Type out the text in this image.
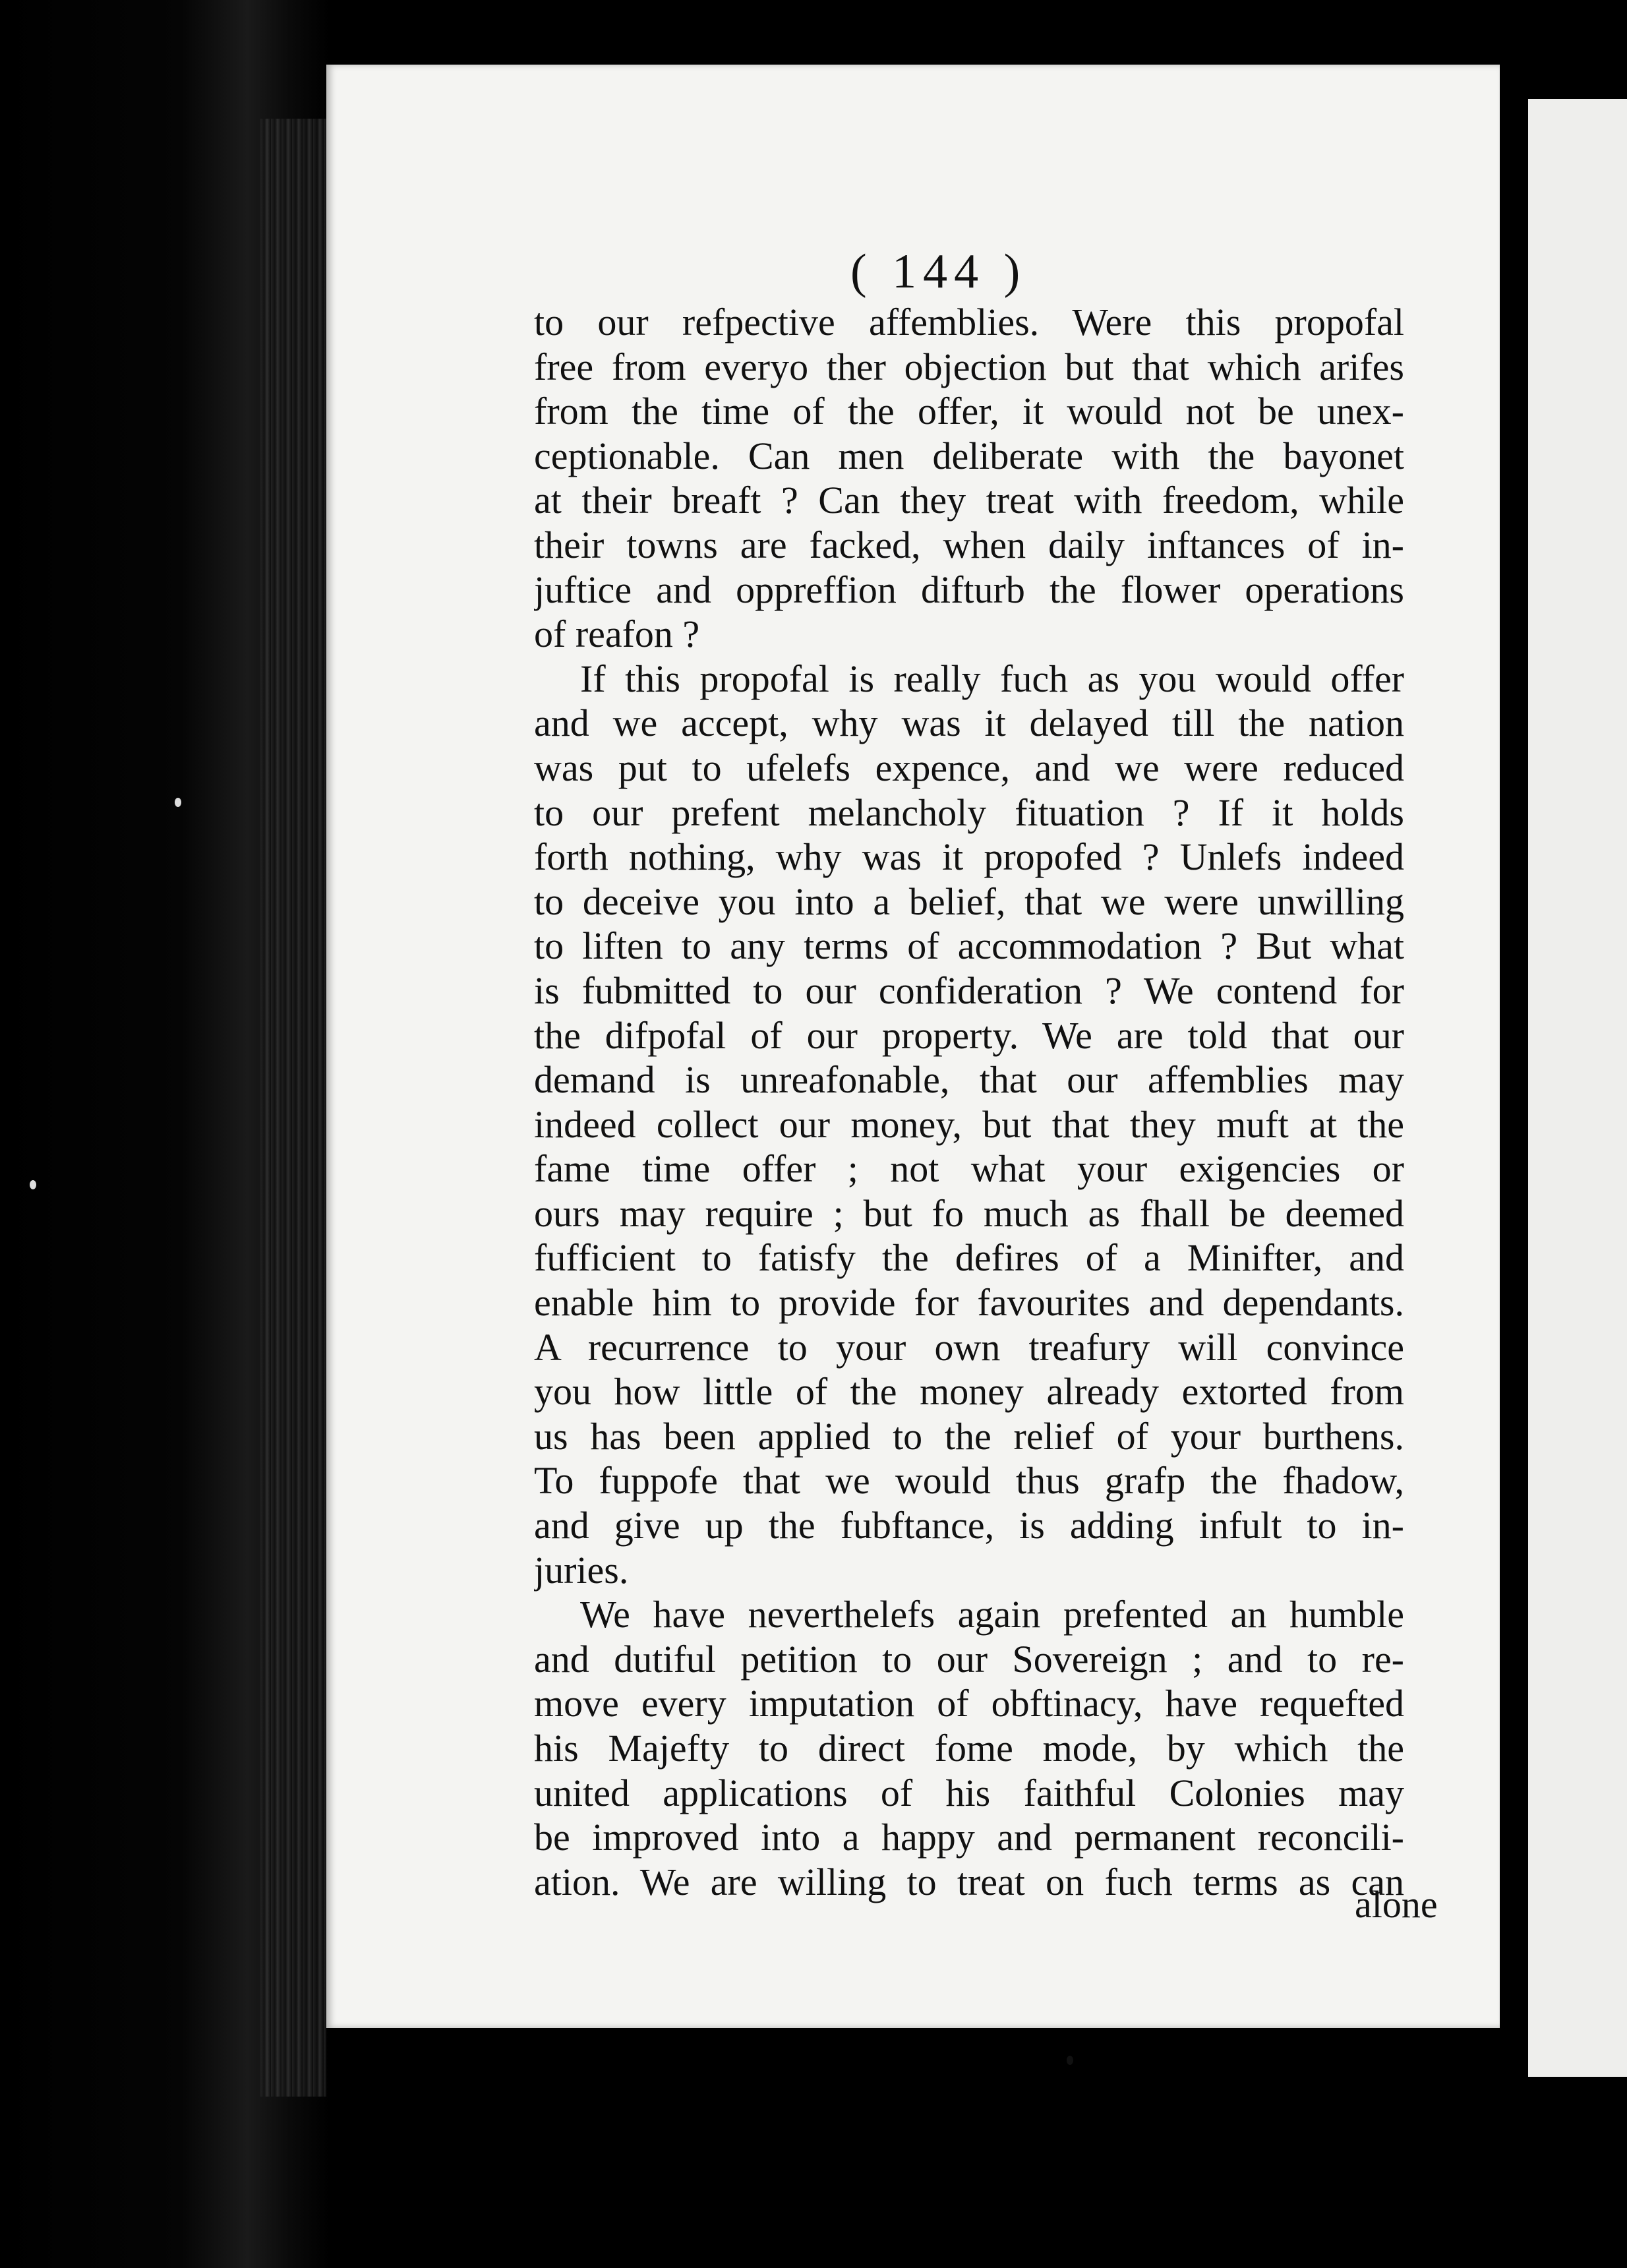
( 144 )
to our refpective affemblies. Were this propofal
free from everyo ther objection but that which arifes
from the time of the offer, it would not be unex-
ceptionable. Can men deliberate with the bayonet
at their breaft ? Can they treat with freedom, while
their towns are facked, when daily inftances of in-
juftice and oppreffion difturb the flower operations
of reafon ?
If this propofal is really fuch as you would offer
and we accept, why was it delayed till the nation
was put to ufelefs expence, and we were reduced
to our prefent melancholy fituation ? If it holds
forth nothing, why was it propofed ? Unlefs indeed
to deceive you into a belief, that we were unwilling
to liften to any terms of accommodation ? But what
is fubmitted to our confideration ? We contend for
the difpofal of our property. We are told that our
demand is unreafonable, that our affemblies may
indeed collect our money, but that they muft at the
fame time offer ; not what your exigencies or
ours may require ; but fo much as fhall be deemed
fufficient to fatisfy the defires of a Minifter, and
enable him to provide for favourites and dependants.
A recurrence to your own treafury will convince
you how little of the money already extorted from
us has been applied to the relief of your burthens.
To fuppofe that we would thus grafp the fhadow,
and give up the fubftance, is adding infult to in-
juries.
We have neverthelefs again prefented an humble
and dutiful petition to our Sovereign ; and to re-
move every imputation of obftinacy, have requefted
his Majefty to direct fome mode, by which the
united applications of his faithful Colonies may
be improved into a happy and permanent reconcili-
ation. We are willing to treat on fuch terms as can
alone
